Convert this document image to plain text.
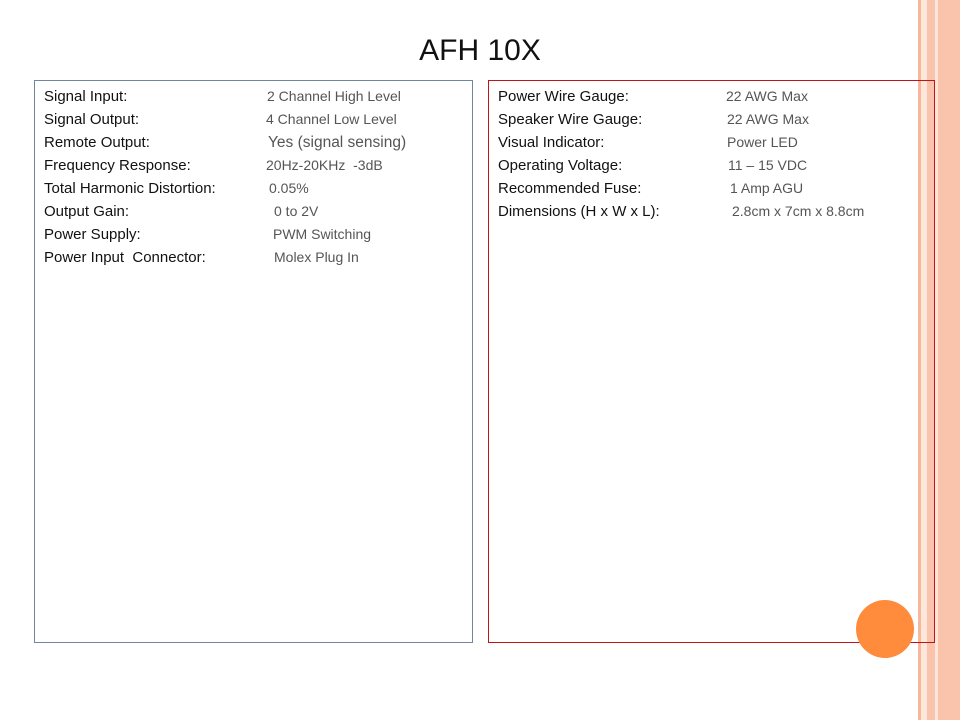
AFH 10X
Signal Input:	2 Channel High Level
Signal Output:	4 Channel Low Level
Remote Output:	Yes (signal sensing)
Frequency Response:	20Hz-20KHz  -3dB
Total Harmonic Distortion:	0.05%
Output Gain:	0 to 2V
Power Supply:	PWM Switching
Power Input  Connector:	Molex Plug In
Power Wire Gauge:	22 AWG Max
Speaker Wire Gauge:	22 AWG Max
Visual Indicator:	Power LED
Operating Voltage:	11 – 15 VDC
Recommended Fuse:	1 Amp AGU
Dimensions (H x W x L):	2.8cm x 7cm x 8.8cm
